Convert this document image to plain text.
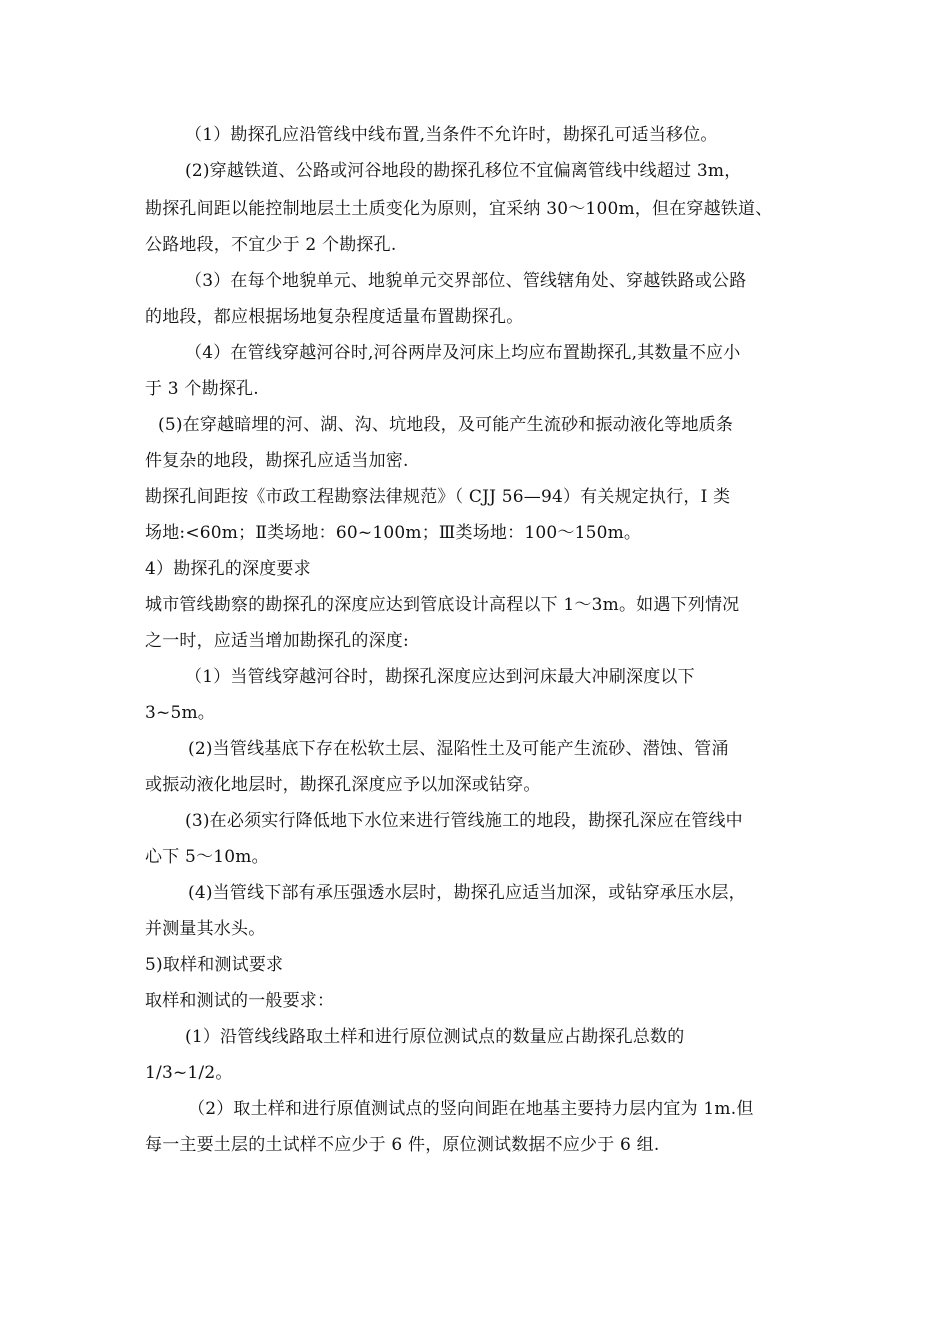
（1）勘探孔应沿管线中线布置,当条件不允许时，勘探孔可适当移位。
(2)穿越铁道、公路或河谷地段的勘探孔移位不宜偏离管线中线超过 3m，
勘探孔间距以能控制地层土土质变化为原则，宜采纳 30～100m，但在穿越铁道、
公路地段，不宜少于 2 个勘探孔.
（3）在每个地貌单元、地貌单元交界部位、管线辖角处、穿越铁路或公路
的地段，都应根据场地复杂程度适量布置勘探孔。
（4）在管线穿越河谷时,河谷两岸及河床上均应布置勘探孔,其数量不应小
于 3 个勘探孔.
(5)在穿越暗埋的河、湖、沟、坑地段，及可能产生流砂和振动液化等地质条
件复杂的地段，勘探孔应适当加密.
勘探孔间距按《市政工程勘察法律规范》（ CJJ 56—94）有关规定执行，I 类
场地:<60m；Ⅱ类场地：60~100m；Ⅲ类场地：100～150m。
4）勘探孔的深度要求
城市管线勘察的勘探孔的深度应达到管底设计高程以下 1～3m。如遇下列情况
之一时，应适当增加勘探孔的深度:
（1）当管线穿越河谷时，勘探孔深度应达到河床最大冲刷深度以下
3~5m。
(2)当管线基底下存在松软土层、湿陷性土及可能产生流砂、潜蚀、管涌
或振动液化地层时，勘探孔深度应予以加深或钻穿。
(3)在必须实行降低地下水位来进行管线施工的地段，勘探孔深应在管线中
心下 5～10m。
(4)当管线下部有承压强透水层时，勘探孔应适当加深，或钻穿承压水层，
并测量其水头。
5)取样和测试要求
取样和测试的一般要求：
(1）沿管线线路取土样和进行原位测试点的数量应占勘探孔总数的
1/3~1/2。
（2）取土样和进行原值测试点的竖向间距在地基主要持力层内宜为 1m.但
每一主要土层的土试样不应少于 6 件，原位测试数据不应少于 6 组.
